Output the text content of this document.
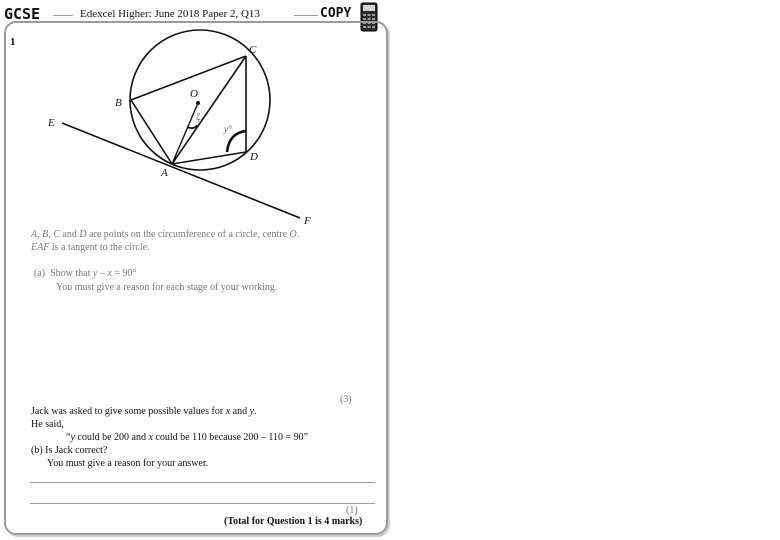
GCSE	Edexcel Higher: June 2018 Paper 2, Q13	COPY
1
B
C
O
E
D
A
F
x°
y°
A, B, C and D are points on the circumference of a circle, centre O.
EAF is a tangent to the circle.
(a) Show that y – x = 90°
You must give a reason for each stage of your working.
(3)
Jack was asked to give some possible values for x and y.
He said,
“y could be 200 and x could be 110 because 200 – 110 = 90”
(b) Is Jack correct?
You must give a reason for your answer.
(1)
(Total for Question 1 is 4 marks)
